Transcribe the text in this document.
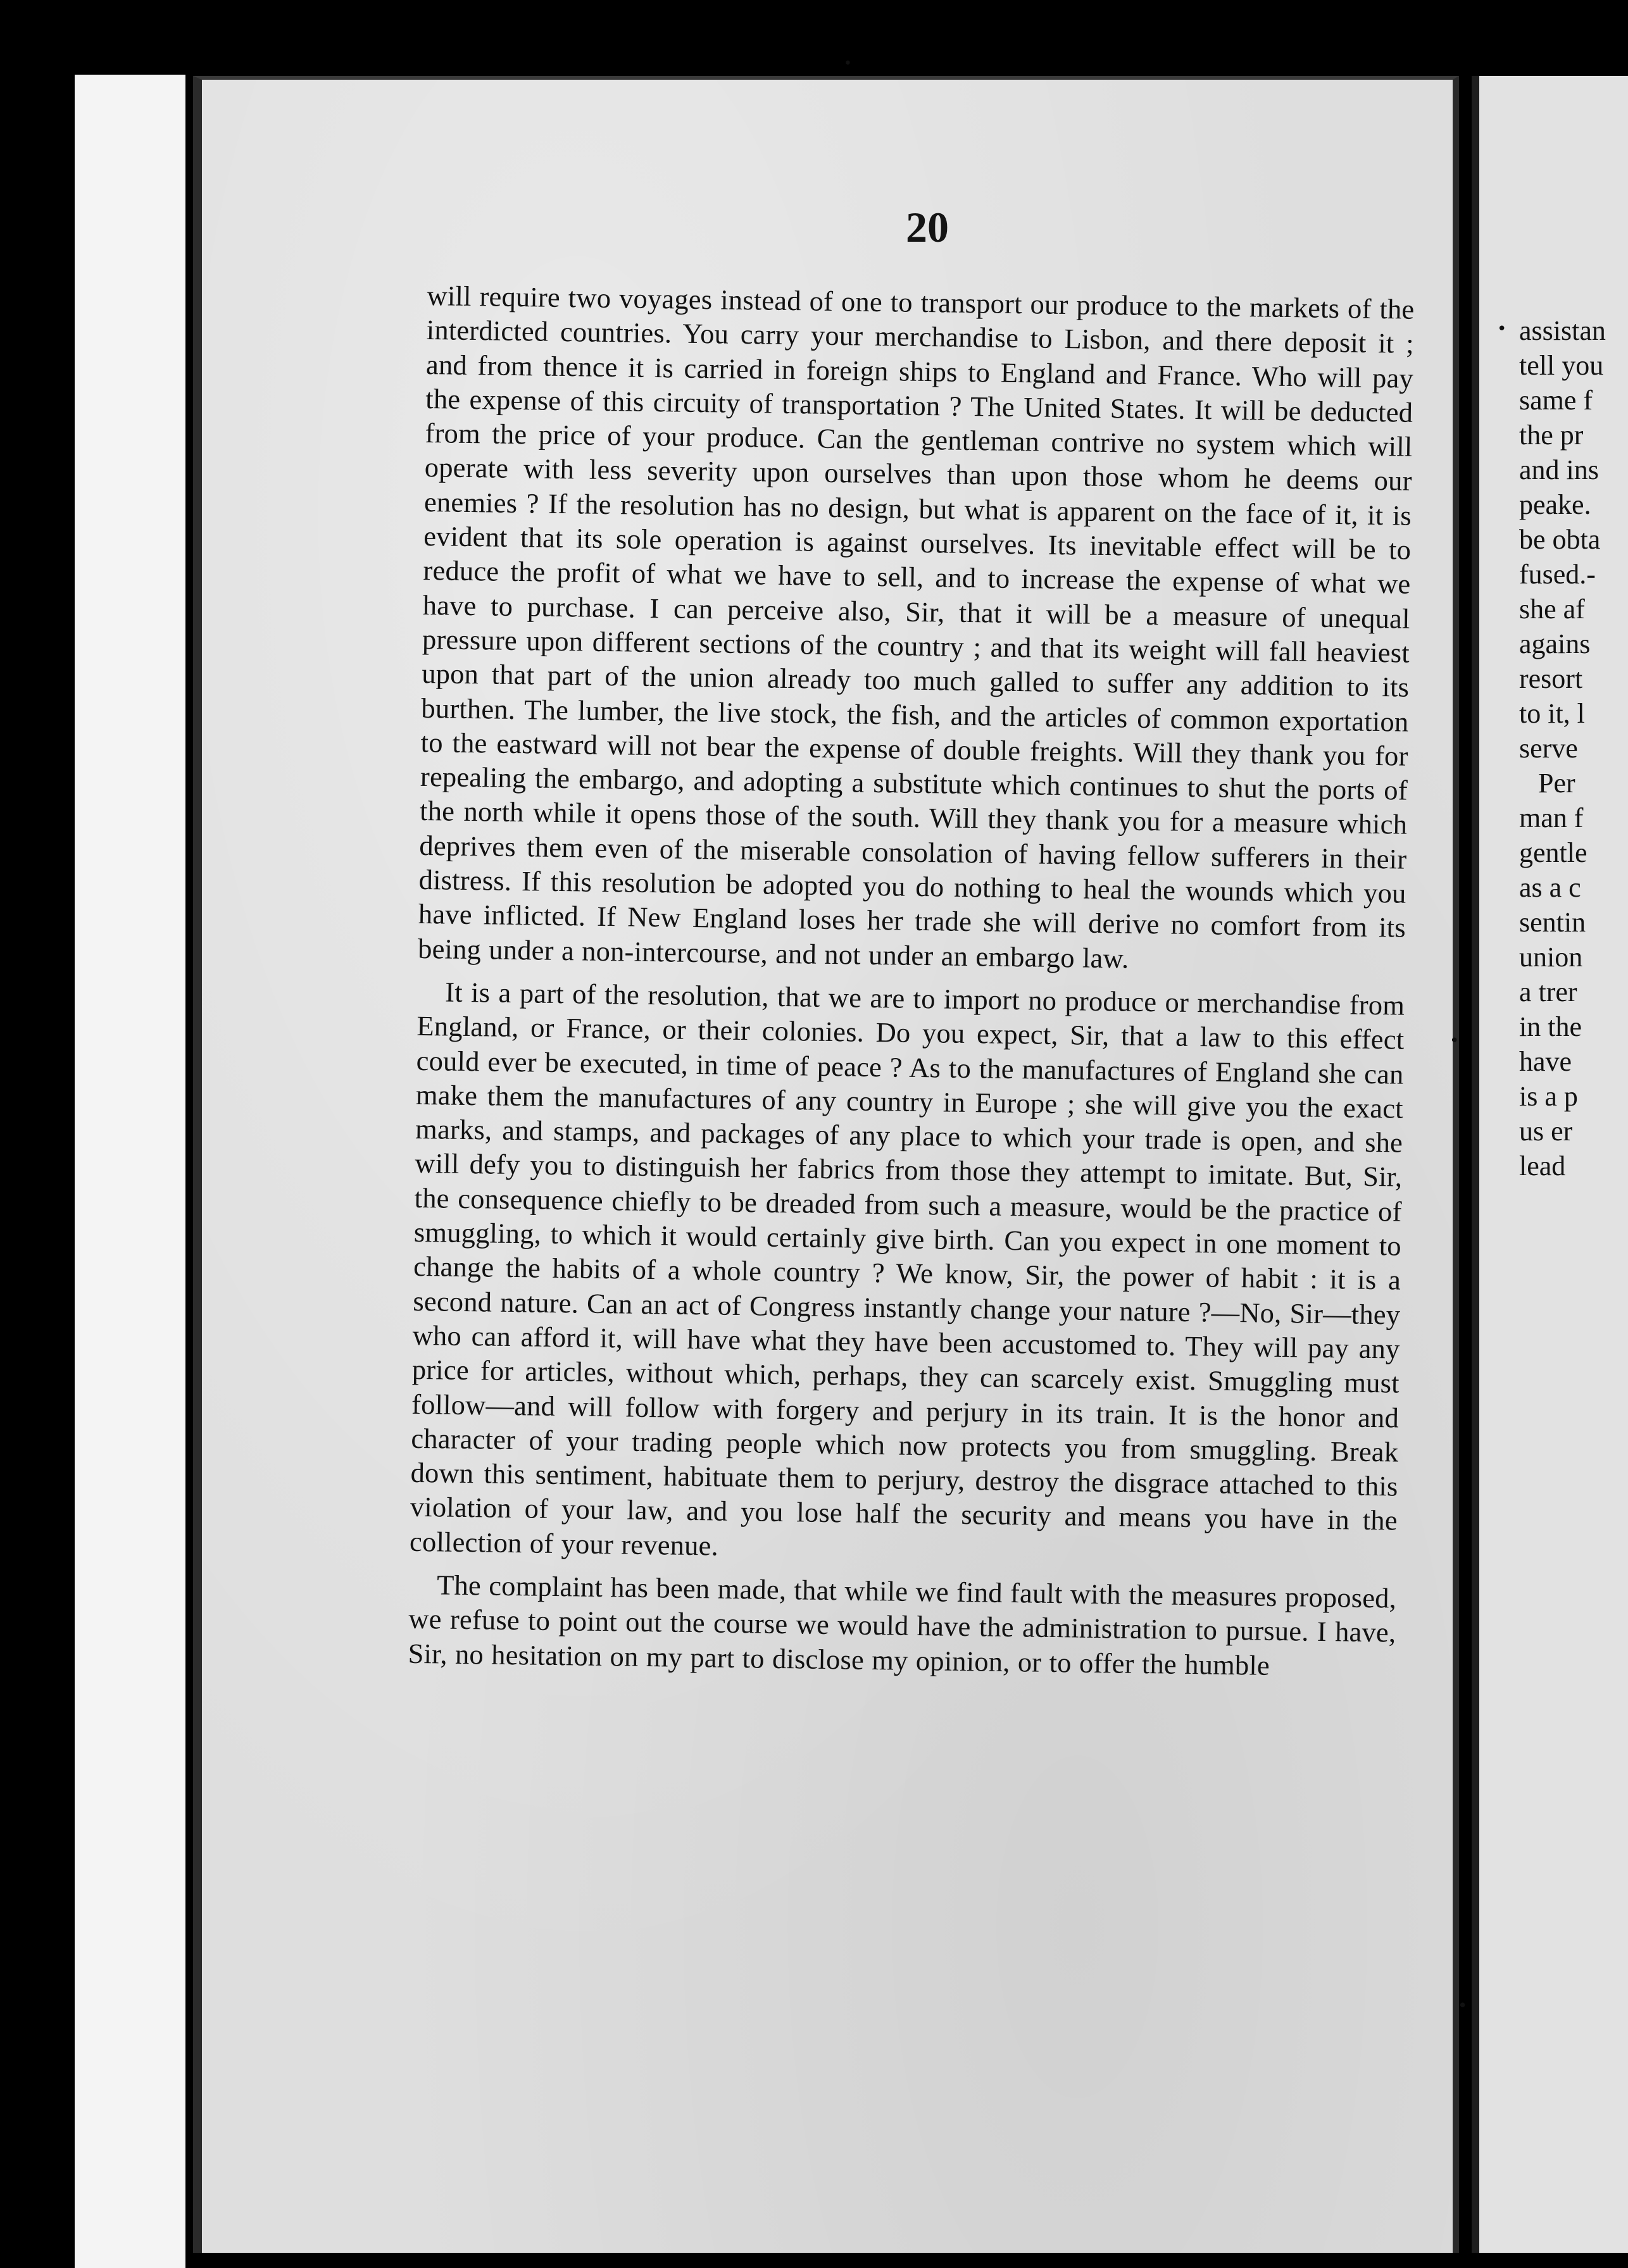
20

will require two voyages instead of one to transport our produce to the markets of the interdicted countries. You carry your merchandise to Lisbon, and there deposit it ; and from thence it is carried in foreign ships to England and France. Who will pay the expense of this circuity of transportation ? The United States. It will be deducted from the price of your produce. Can the gentleman contrive no system which will operate with less severity upon ourselves than upon those whom he deems our enemies ? If the resolution has no design, but what is apparent on the face of it, it is evident that its sole operation is against ourselves. Its inevitable effect will be to reduce the profit of what we have to sell, and to increase the expense of what we have to purchase. I can perceive also, Sir, that it will be a measure of unequal pressure upon different sections of the country ; and that its weight will fall heaviest upon that part of the union already too much galled to suffer any addition to its burthen. The lumber, the live stock, the fish, and the articles of common exportation to the eastward will not bear the expense of double freights. Will they thank you for repealing the embargo, and adopting a substitute which continues to shut the ports of the north while it opens those of the south. Will they thank you for a measure which deprives them even of the miserable consolation of having fellow sufferers in their distress. If this resolution be adopted you do nothing to heal the wounds which you have inflicted. If New England loses her trade she will derive no comfort from its being under a non-intercourse, and not under an embargo law.

It is a part of the resolution, that we are to import no produce or merchandise from England, or France, or their colonies. Do you expect, Sir, that a law to this effect could ever be executed, in time of peace ? As to the manufactures of England she can make them the manufactures of any country in Europe ; she will give you the exact marks, and stamps, and packages of any place to which your trade is open, and she will defy you to distinguish her fabrics from those they attempt to imitate. But, Sir, the consequence chiefly to be dreaded from such a measure, would be the practice of smuggling, to which it would certainly give birth. Can you expect in one moment to change the habits of a whole country ? We know, Sir, the power of habit : it is a second nature. Can an act of Congress instantly change your nature ?—No, Sir—they who can afford it, will have what they have been accustomed to. They will pay any price for articles, without which, perhaps, they can scarcely exist. Smuggling must follow—and will follow with forgery and perjury in its train. It is the honor and character of your trading people which now protects you from smuggling. Break down this sentiment, habituate them to perjury, destroy the disgrace attached to this violation of your law, and you lose half the security and means you have in the collection of your revenue.

The complaint has been made, that while we find fault with the measures proposed, we refuse to point out the course we would have the administration to pursue. I have, Sir, no hesitation on my part to disclose my opinion, or to offer the humble

assistan
tell you
same f
the pr
and ins
peake.
be obta
fused.-
she af
agains
resort
to it, l
serve
Per
man f
gentle
as a c
sentin
union
a trer
in the
have
is a p
us er
lead
•
•
•
•
